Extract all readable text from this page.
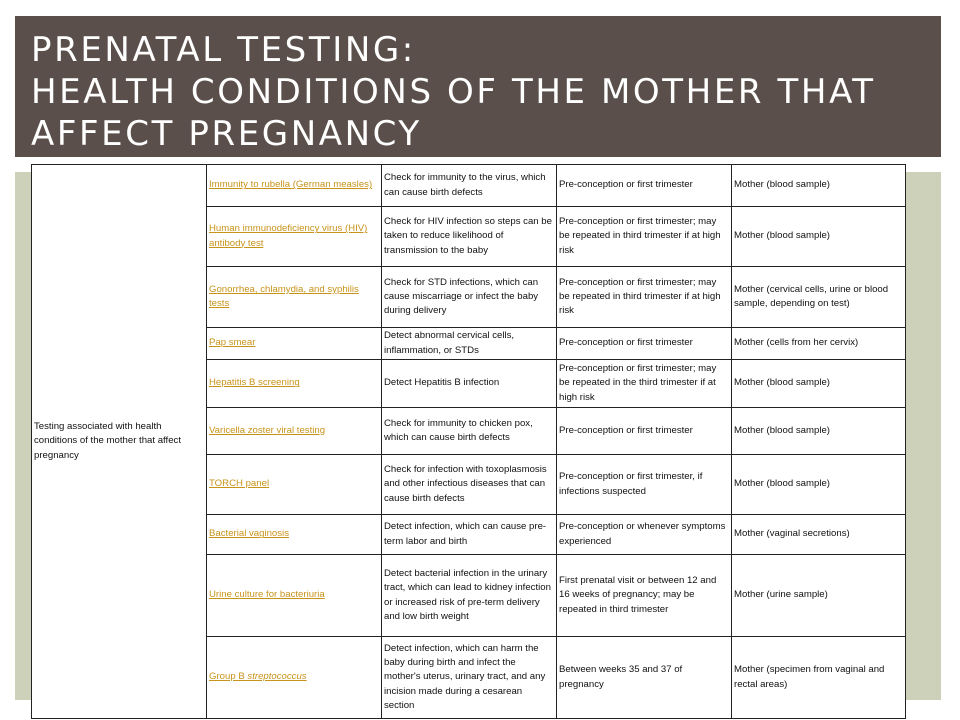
PRENATAL TESTING:
HEALTH CONDITIONS OF THE MOTHER THAT
AFFECT PREGNANCY
Testing associated with health conditions of the mother that affect pregnancy	Immunity to rubella (German measles)	Check for immunity to the virus, which can cause birth defects	Pre-conception or first trimester	Mother (blood sample)
	Human immunodeficiency virus (HIV) antibody test	Check for HIV infection so steps can be taken to reduce likelihood of transmission to the baby	Pre-conception or first trimester; may be repeated in third trimester if at high risk	Mother (blood sample)
	Gonorrhea, chlamydia, and syphilis tests	Check for STD infections, which can cause miscarriage or infect the baby during delivery	Pre-conception or first trimester; may be repeated in third trimester if at high risk	Mother (cervical cells, urine or blood sample, depending on test)
	Pap smear	Detect abnormal cervical cells, inflammation, or STDs	Pre-conception or first trimester	Mother (cells from her cervix)
	Hepatitis B screening	Detect Hepatitis B infection	Pre-conception or first trimester; may be repeated in the third trimester if at high risk	Mother (blood sample)
	Varicella zoster viral testing	Check for immunity to chicken pox, which can cause birth defects	Pre-conception or first trimester	Mother (blood sample)
	TORCH panel	Check for infection with toxoplasmosis and other infectious diseases that can cause birth defects	Pre-conception or first trimester, if infections suspected	Mother (blood sample)
	Bacterial vaginosis	Detect infection, which can cause pre-term labor and birth	Pre-conception or whenever symptoms experienced	Mother (vaginal secretions)
	Urine culture for bacteriuria	Detect bacterial infection in the urinary tract, which can lead to kidney infection or increased risk of pre-term delivery and low birth weight	First prenatal visit or between 12 and 16 weeks of pregnancy; may be repeated in third trimester	Mother (urine sample)
	Group B streptococcus	Detect infection, which can harm the baby during birth and infect the mother's uterus, urinary tract, and any incision made during a cesarean section	Between weeks 35 and 37 of pregnancy	Mother (specimen from vaginal and rectal areas)
